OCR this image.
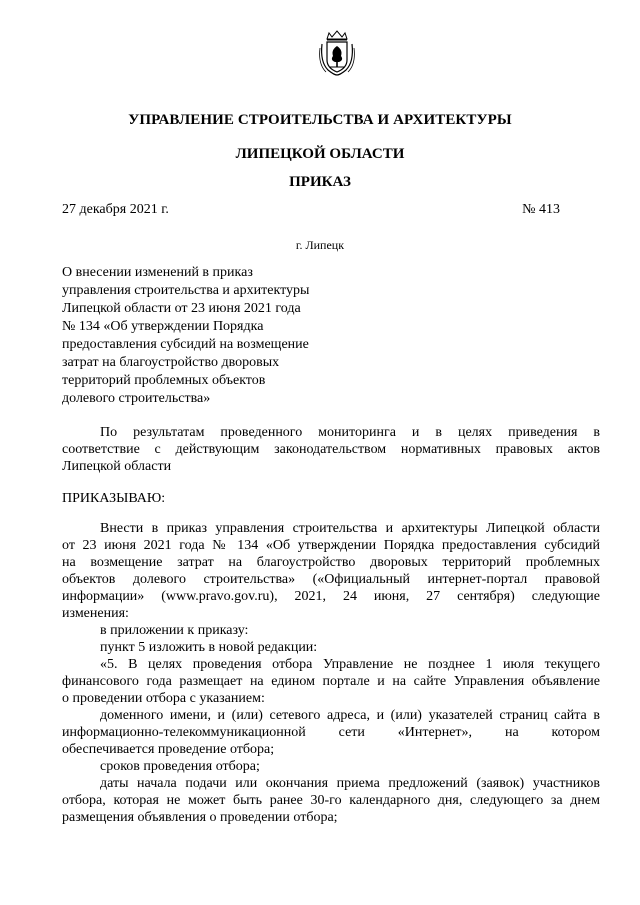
УПРАВЛЕНИЕ СТРОИТЕЛЬСТВА И АРХИТЕКТУРЫ
ЛИПЕЦКОЙ ОБЛАСТИ
ПРИКАЗ
27 декабря 2021 г.	№ 413
г. Липецк
О внесении изменений в приказ
управления строительства и архитектуры
Липецкой области от 23 июня 2021 года
№ 134 «Об утверждении Порядка
предоставления субсидий на возмещение
затрат на благоустройство дворовых
территорий проблемных объектов
долевого строительства»
По результатам проведенного мониторинга и в целях приведения в
соответствие с действующим законодательством нормативных правовых актов
Липецкой области
ПРИКАЗЫВАЮ:
Внести в приказ управления строительства и архитектуры Липецкой области
от 23 июня 2021 года № 134 «Об утверждении Порядка предоставления субсидий
на возмещение затрат на благоустройство дворовых территорий проблемных
объектов долевого строительства» («Официальный интернет-портал правовой
информации» (www.pravo.gov.ru), 2021, 24 июня, 27 сентября) следующие
изменения:
в приложении к приказу:
пункт 5 изложить в новой редакции:
«5. В целях проведения отбора Управление не позднее 1 июля текущего
финансового года размещает на едином портале и на сайте Управления объявление
о проведении отбора с указанием:
доменного имени, и (или) сетевого адреса, и (или) указателей страниц сайта в
информационно-телекоммуникационной сети «Интернет», на котором
обеспечивается проведение отбора;
сроков проведения отбора;
даты начала подачи или окончания приема предложений (заявок) участников
отбора, которая не может быть ранее 30-го календарного дня, следующего за днем
размещения объявления о проведении отбора;
